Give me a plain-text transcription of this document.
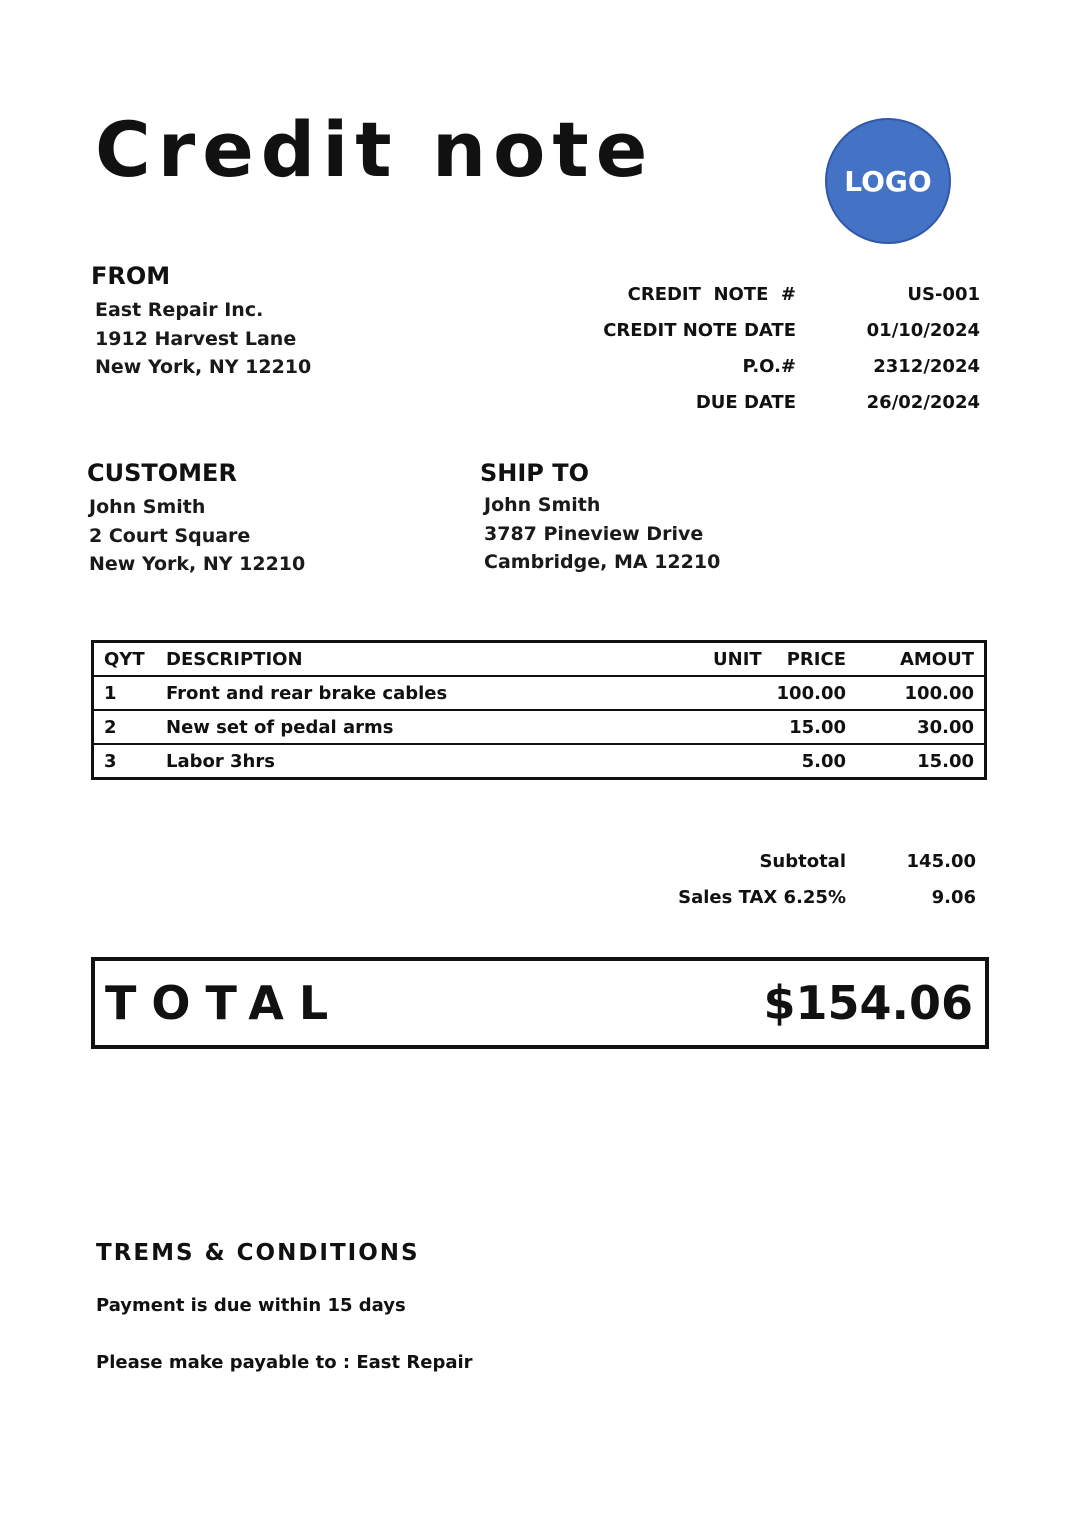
Credit note	LOGO
FROM
East Repair Inc.
1912 Harvest Lane
New York, NY 12210
CREDIT  NOTE  #	US-001
CREDIT NOTE DATE	01/10/2024
P.O.#	2312/2024
DUE DATE	26/02/2024
CUSTOMER
John Smith
2 Court Square
New York, NY 12210
SHIP TO
John Smith
3787 Pineview Drive
Cambridge, MA 12210
QYT	DESCRIPTION	UNIT    PRICE	AMOUT
1	Front and rear brake cables	100.00	100.00
2	New set of pedal arms	15.00	30.00
3	Labor 3hrs	5.00	15.00
Subtotal	145.00
Sales TAX 6.25%	9.06
TOTAL	$154.06
TREMS & CONDITIONS
Payment is due within 15 days
Please make payable to : East Repair
